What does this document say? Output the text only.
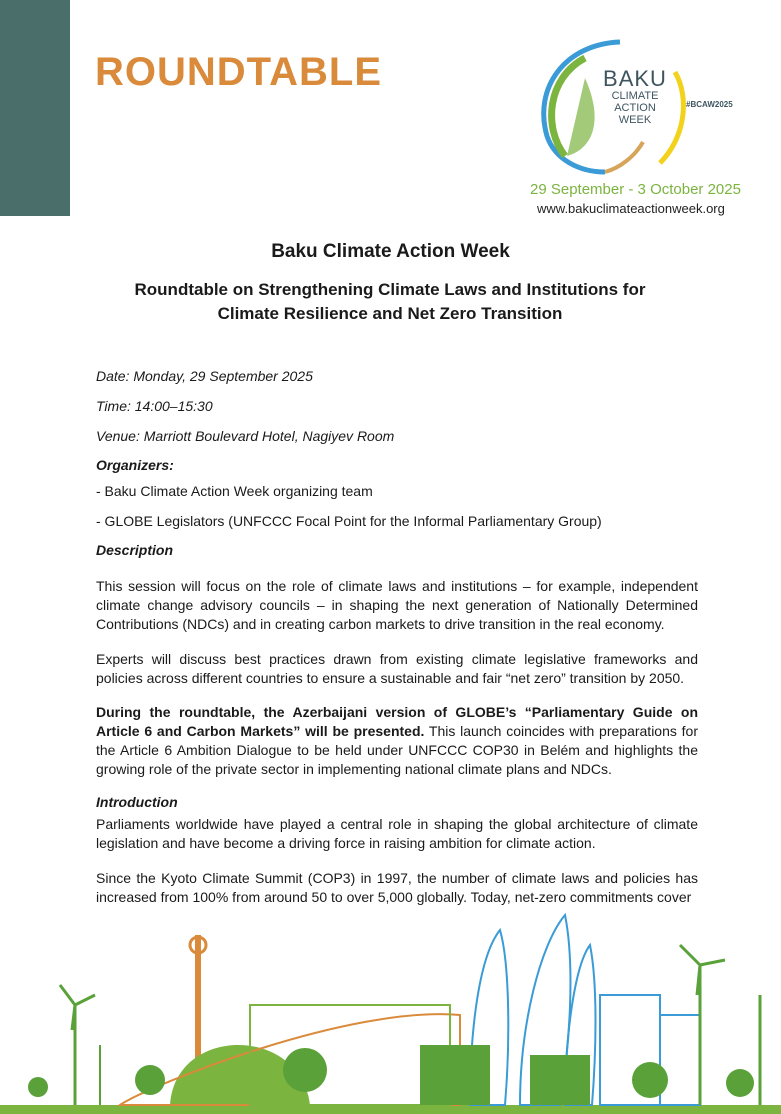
ROUNDTABLE	BAKU
CLIMATE
ACTION
WEEK
#BCAW2025
29 September - 3 October 2025
www.bakuclimateactionweek.org
Baku Climate Action Week
Roundtable on Strengthening Climate Laws and Institutions for
Climate Resilience and Net Zero Transition
Date: Monday, 29 September 2025
Time: 14:00–15:30
Venue: Marriott Boulevard Hotel, Nagiyev Room
Organizers:
- Baku Climate Action Week organizing team
- GLOBE Legislators (UNFCCC Focal Point for the Informal Parliamentary Group)
Description
This session will focus on the role of climate laws and institutions – for example, independent climate change advisory councils – in shaping the next generation of Nationally Determined Contributions (NDCs) and in creating carbon markets to drive transition in the real economy.
Experts will discuss best practices drawn from existing climate legislative frameworks and policies across different countries to ensure a sustainable and fair “net zero” transition by 2050.
During the roundtable, the Azerbaijani version of GLOBE’s “Parliamentary Guide on Article 6 and Carbon Markets” will be presented. This launch coincides with preparations for the Article 6 Ambition Dialogue to be held under UNFCCC COP30 in Belém and highlights the growing role of the private sector in implementing national climate plans and NDCs.
Introduction
Parliaments worldwide have played a central role in shaping the global architecture of climate legislation and have become a driving force in raising ambition for climate action.
Since the Kyoto Climate Summit (COP3) in 1997, the number of climate laws and policies has increased from 100% from around 50 to over 5,000 globally. Today, net-zero commitments cover
